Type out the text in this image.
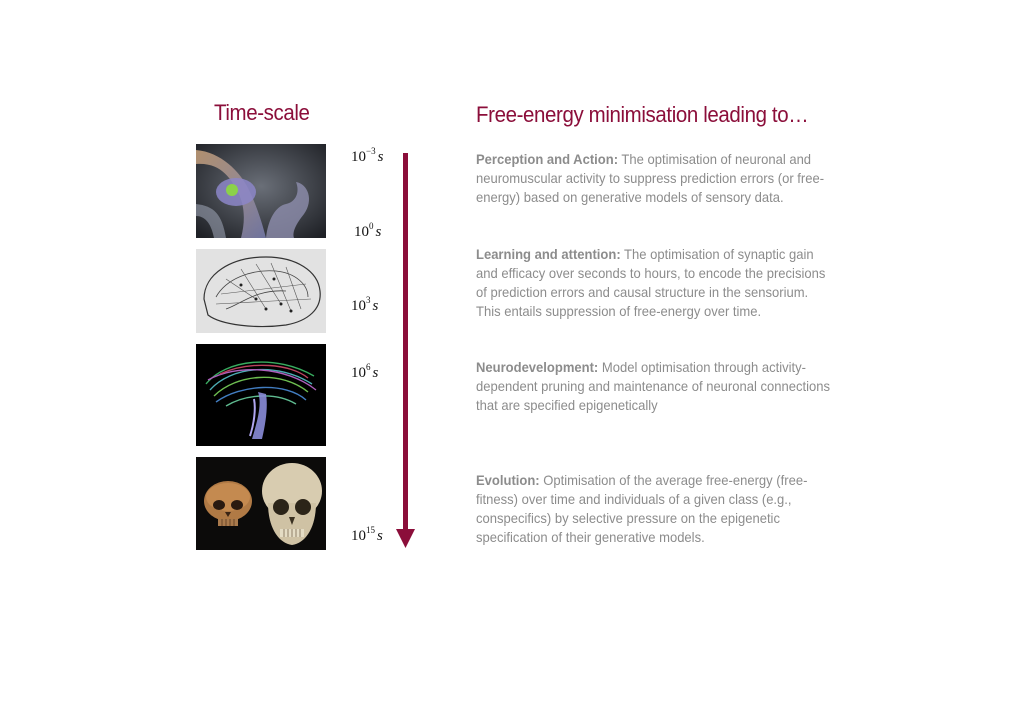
Time-scale	Free-energy minimisation leading to…
$10^{-3}$ s
$10^0$ s
$10^3$ s
$10^6$ s
$10^{15}$ s
Perception and Action: The optimisation of neuronal and neuromuscular activity to suppress prediction errors (or free-energy) based on generative models of sensory data.
Learning and attention: The optimisation of synaptic gain and efficacy over seconds to hours, to encode the precisions of prediction errors and causal structure in the sensorium. This entails suppression of free-energy over time.
Neurodevelopment: Model optimisation through activity-dependent pruning and maintenance of neuronal connections that are specified epigenetically
Evolution: Optimisation of the average free-energy (free-fitness) over time and individuals of a given class (e.g., conspecifics) by selective pressure on the epigenetic specification of their generative models.
